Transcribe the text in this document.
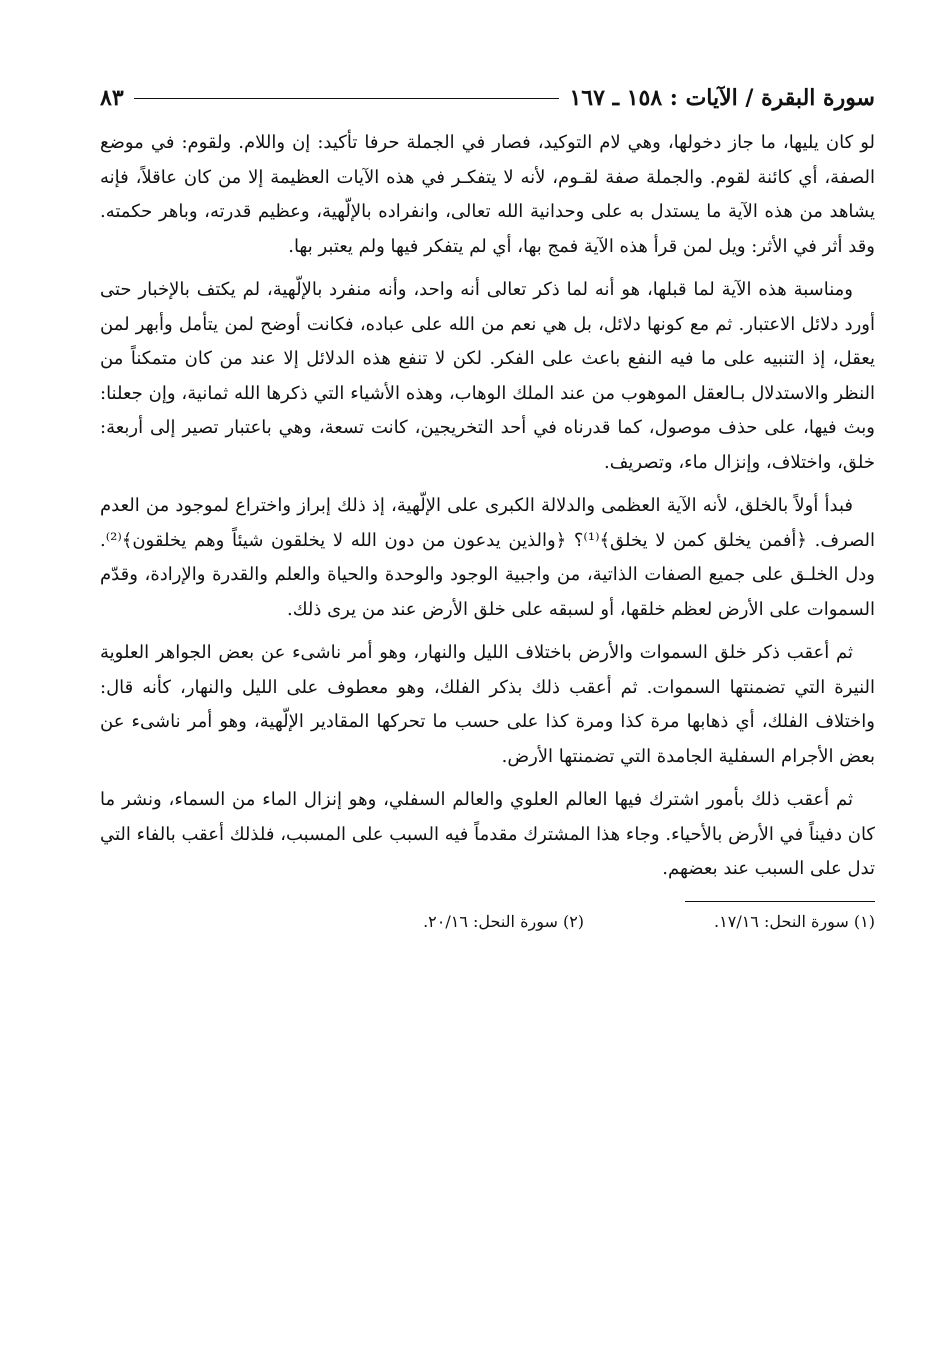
سورة البقرة / الآيات : ١٥٨ ـ ١٦٧
٨٣

لو كان يليها، ما جاز دخولها، وهي لام التوكيد، فصار في الجملة حرفا تأكيد: إن واللام. ولقوم: في موضع الصفة، أي كائنة لقوم. والجملة صفة لقـوم، لأنه لا يتفكـر في هذه الآيات العظيمة إلا من كان عاقلاً، فإنه يشاهد من هذه الآية ما يستدل به على وحدانية الله تعالى، وانفراده بالإلّهية، وعظيم قدرته، وباهر حكمته. وقد أثر في الأثر: ويل لمن قرأ هذه الآية فمج بها، أي لم يتفكر فيها ولم يعتبر بها.

ومناسبة هذه الآية لما قبلها، هو أنه لما ذكر تعالى أنه واحد، وأنه منفرد بالإلّهية، لم يكتف بالإخبار حتى أورد دلائل الاعتبار. ثم مع كونها دلائل، بل هي نعم من الله على عباده، فكانت أوضح لمن يتأمل وأبهر لمن يعقل، إذ التنبيه على ما فيه النفع باعث على الفكر. لكن لا تنفع هذه الدلائل إلا عند من كان متمكناً من النظر والاستدلال بـالعقل الموهوب من عند الملك الوهاب، وهذه الأشياء التي ذكرها الله ثمانية، وإن جعلنا: وبث فيها، على حذف موصول، كما قدرناه في أحد التخريجين، كانت تسعة، وهي باعتبار تصير إلى أربعة: خلق، واختلاف، وإنزال ماء، وتصريف.

فبدأ أولاً بالخلق، لأنه الآية العظمى والدلالة الكبرى على الإلّهية، إذ ذلك إبراز واختراع لموجود من العدم الصرف. ﴿أفمن يخلق كمن لا يخلق﴾⁽¹⁾؟ ﴿والذين يدعون من دون الله لا يخلقون شيئاً وهم يخلقون﴾⁽²⁾. ودل الخلـق على جميع الصفات الذاتية، من واجبية الوجود والوحدة والحياة والعلم والقدرة والإرادة، وقدّم السموات على الأرض لعظم خلقها، أو لسبقه على خلق الأرض عند من يرى ذلك.

ثم أعقب ذكر خلق السموات والأرض باختلاف الليل والنهار، وهو أمر ناشىء عن بعض الجواهر العلوية النيرة التي تضمنتها السموات. ثم أعقب ذلك بذكر الفلك، وهو معطوف على الليل والنهار، كأنه قال: واختلاف الفلك، أي ذهابها مرة كذا ومرة كذا على حسب ما تحركها المقادير الإلّهية، وهو أمر ناشىء عن بعض الأجرام السفلية الجامدة التي تضمنتها الأرض.

ثم أعقب ذلك بأمور اشترك فيها العالم العلوي والعالم السفلي، وهو إنزال الماء من السماء، ونشر ما كان دفيناً في الأرض بالأحياء. وجاء هذا المشترك مقدماً فيه السبب على المسبب، فلذلك أعقب بالفاء التي تدل على السبب عند بعضهم.

(١) سورة النحل: ١٧/١٦.
(٢) سورة النحل: ٢٠/١٦.
